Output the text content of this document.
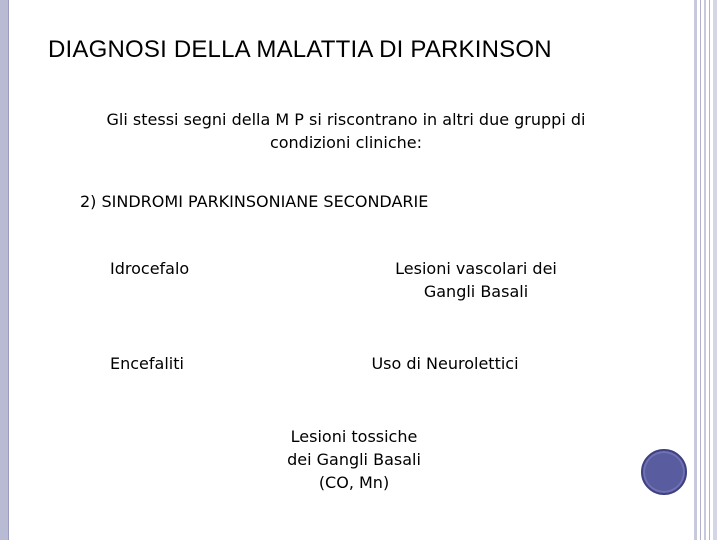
DIAGNOSI DELLA MALATTIA DI PARKINSON
Gli stessi segni della M P si riscontrano in altri due gruppi di
condizioni cliniche:
2) SINDROMI PARKINSONIANE SECONDARIE
Idrocefalo	Lesioni vascolari dei
Gangli Basali
Encefaliti	Uso di Neurolettici
Lesioni tossiche
dei Gangli Basali
(CO, Mn)
